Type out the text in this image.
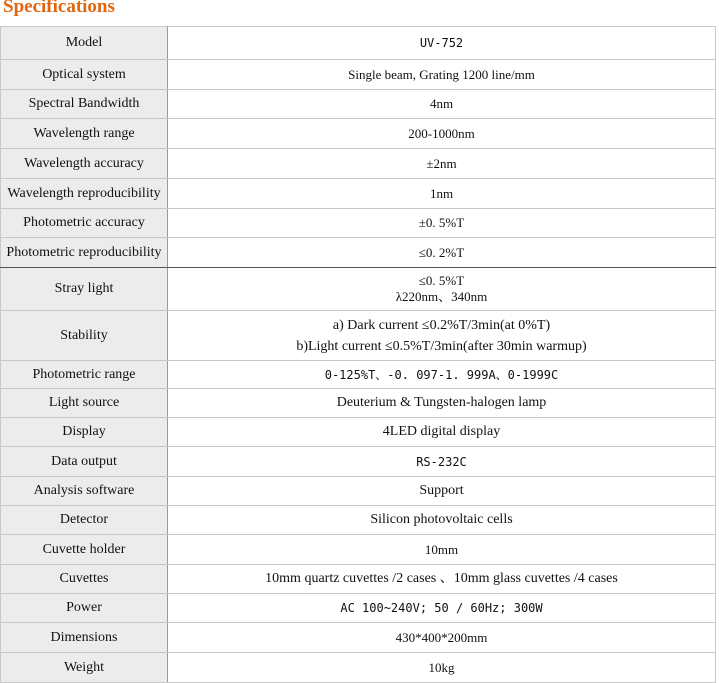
Specifications
Model	UV-752
Optical system	Single beam, Grating 1200 line/mm
Spectral Bandwidth	4nm
Wavelength range	200-1000nm
Wavelength accuracy	±2nm
Wavelength reproducibility	1nm
Photometric accuracy	±0. 5%T
Photometric reproducibility	≤0. 2%T
Stray light	≤0. 5%T
λ220nm、340nm

Stability	a) Dark current ≤0.2%T/3min(at 0%T)
b)Light current ≤0.5%T/3min(after 30min warmup)

Photometric range	0-125%T、-0. 097-1. 999A、0-1999C
Light source	Deuterium & Tungsten-halogen lamp
Display	4LED digital display
Data output	RS-232C
Analysis software	Support
Detector	Silicon photovoltaic cells
Cuvette holder	10mm
Cuvettes	10mm quartz cuvettes /2 cases 、10mm glass cuvettes /4 cases
Power	AC 100~240V; 50 / 60Hz; 300W
Dimensions	430*400*200mm
Weight	10kg
